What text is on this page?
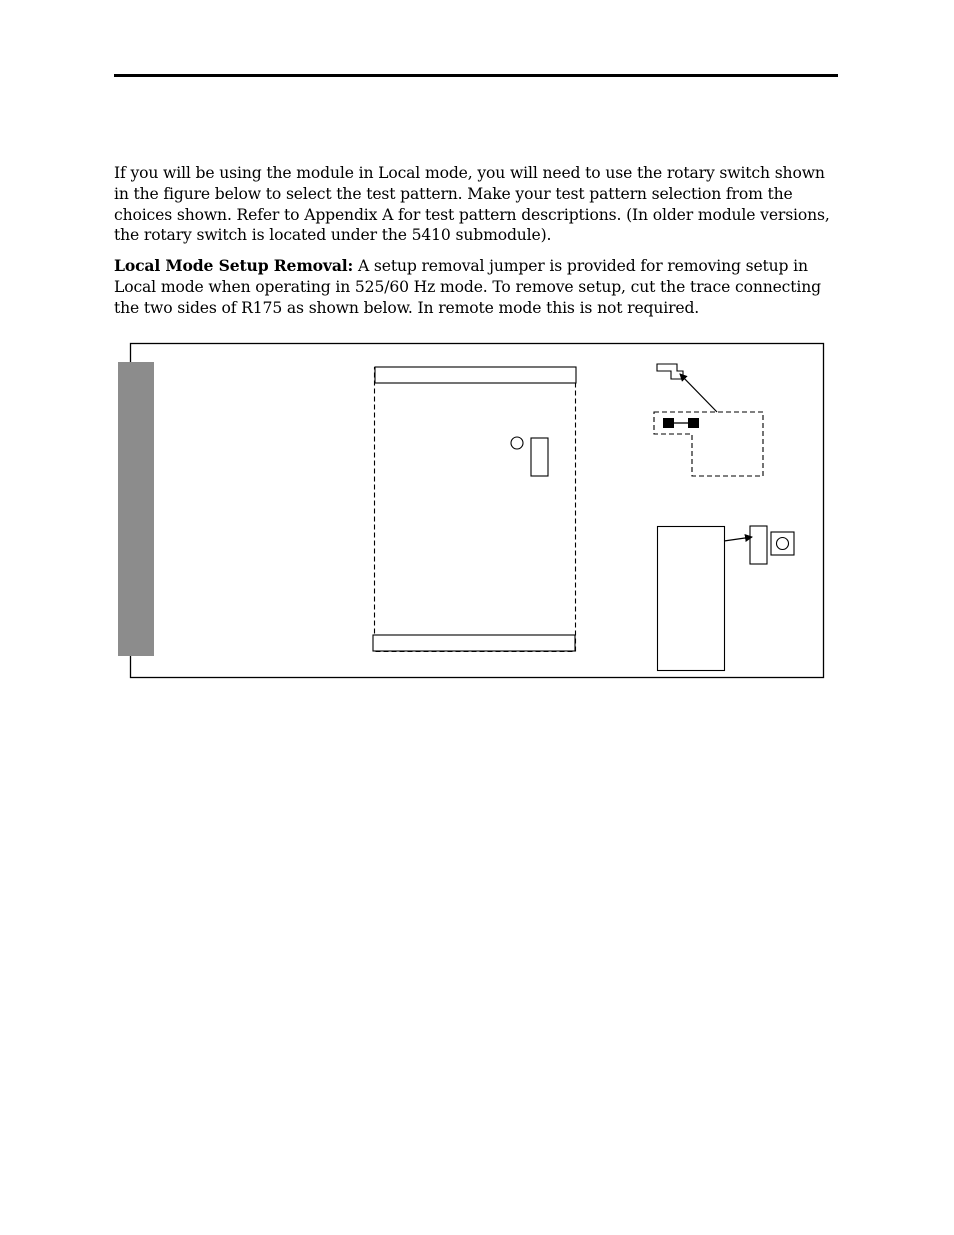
If you will be using the module in Local mode, you will need to use the rotary switch shown in the figure below to select the test pattern. Make your test pattern selection from the choices shown. Refer to Appendix A for test pattern descriptions. (In older module versions, the rotary switch is located under the 5410 submodule).

Local Mode Setup Removal: A setup removal jumper is provided for removing setup in Local mode when operating in 525/60 Hz mode. To remove setup, cut the trace connecting the two sides of R175 as shown below. In remote mode this is not required.
